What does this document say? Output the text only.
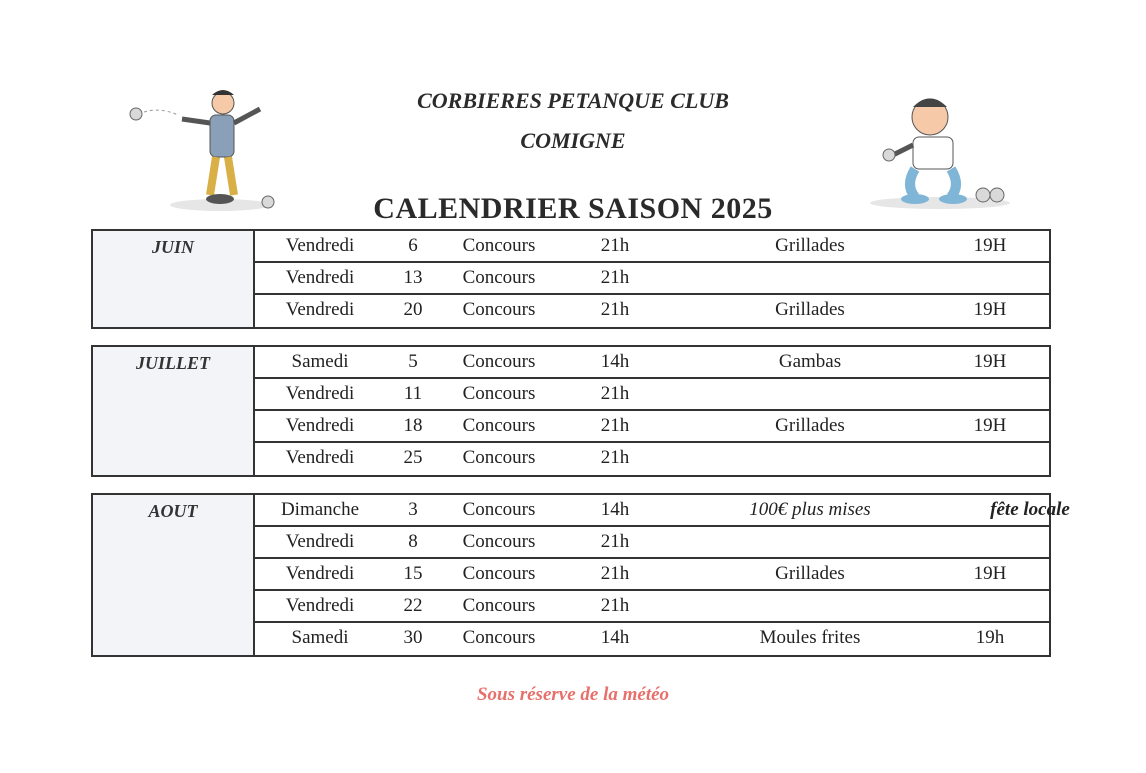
CORBIERES PETANQUE CLUB
COMIGNE
CALENDRIER SAISON 2025
JUIN	Vendredi	6	Concours	21h	Grillades	19H
Vendredi	13	Concours	21h
Vendredi	20	Concours	21h	Grillades	19H
JUILLET	Samedi	5	Concours	14h	Gambas	19H
Vendredi	11	Concours	21h
Vendredi	18	Concours	21h	Grillades	19H
Vendredi	25	Concours	21h
AOUT	Dimanche	3	Concours	14h	100€ plus mises	fête locale
Vendredi	8	Concours	21h
Vendredi	15	Concours	21h	Grillades	19H
Vendredi	22	Concours	21h
Samedi	30	Concours	14h	Moules frites	19h
Sous réserve de la météo
